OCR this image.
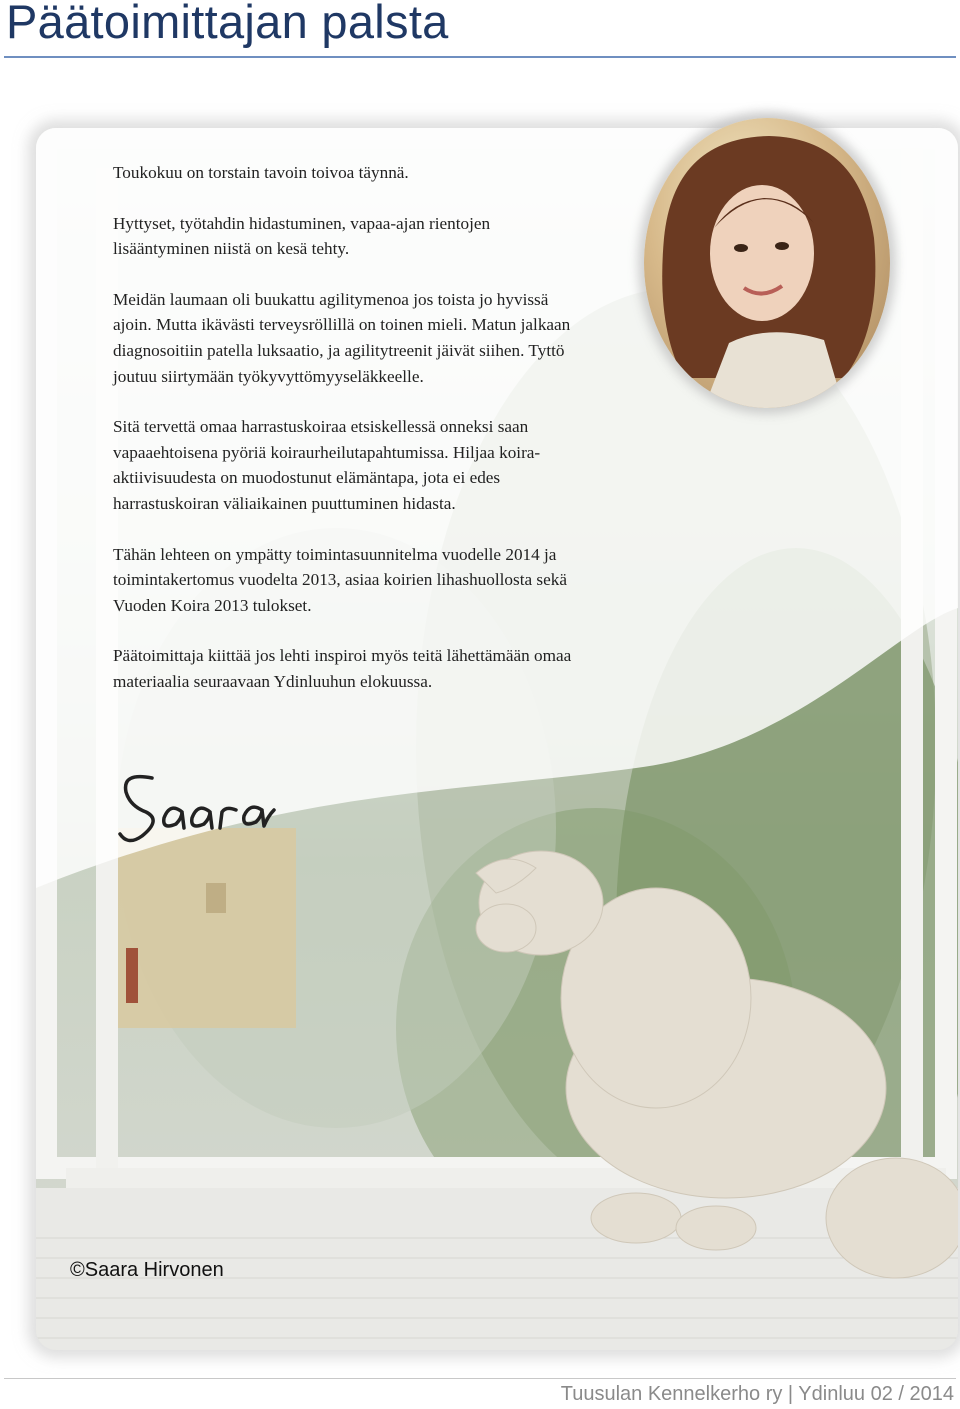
Päätoimittajan palsta

Toukokuu on torstain tavoin toivoa täynnä.

Hyttyset, työtahdin hidastuminen, vapaa-ajan rientojen lisääntyminen niistä on kesä tehty.

Meidän laumaan oli buukattu agilitymenoa jos toista jo hyvissä ajoin. Mutta ikävästi terveysröllillä on toinen mieli. Matun jalkaan diagnosoitiin patella luksaatio, ja agilitytreenit jäivät siihen. Tyttö joutuu siirtymään työkyvyttömyyseläkkeelle.

Sitä tervettä omaa harrastuskoiraa etsiskellessä onneksi saan vapaaehtoisena pyöriä koiraurheilutapahtumissa. Hiljaa koira-aktiivisuudesta on muodostunut elämäntapa, jota ei edes harrastuskoiran väliaikainen puuttuminen hidasta.

Tähän lehteen on ympätty toimintasuunnitelma vuodelle 2014 ja toimintakertomus vuodelta 2013, asiaa koirien lihashuollosta sekä Vuoden Koira 2013 tulokset.

Päätoimittaja kiittää jos lehti inspiroi myös teitä lähettämään omaa materiaalia seuraavaan Ydinluuhun elokuussa.

©Saara Hirvonen
Tuusulan Kennelkerho ry | Ydinluu 02 / 2014
